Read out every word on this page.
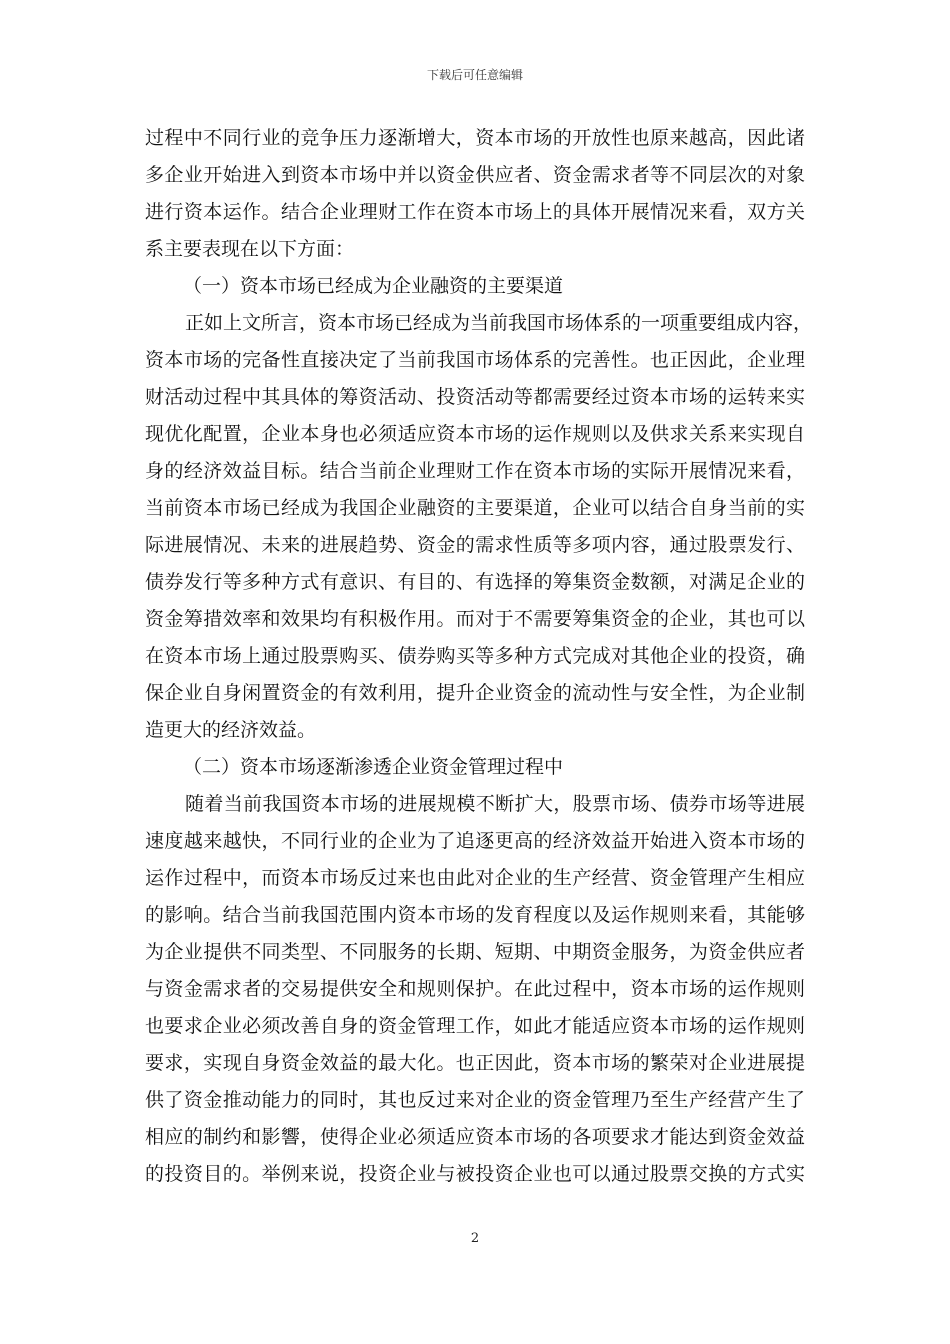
下载后可任意编辑
过程中不同行业的竞争压力逐渐增大，资本市场的开放性也原来越高，因此诸
多企业开始进入到资本市场中并以资金供应者、资金需求者等不同层次的对象
进行资本运作。结合企业理财工作在资本市场上的具体开展情况来看，双方关
系主要表现在以下方面：
（一）资本市场已经成为企业融资的主要渠道
正如上文所言，资本市场已经成为当前我国市场体系的一项重要组成内容，
资本市场的完备性直接决定了当前我国市场体系的完善性。也正因此，企业理
财活动过程中其具体的筹资活动、投资活动等都需要经过资本市场的运转来实
现优化配置，企业本身也必须适应资本市场的运作规则以及供求关系来实现自
身的经济效益目标。结合当前企业理财工作在资本市场的实际开展情况来看，
当前资本市场已经成为我国企业融资的主要渠道，企业可以结合自身当前的实
际进展情况、未来的进展趋势、资金的需求性质等多项内容，通过股票发行、
债券发行等多种方式有意识、有目的、有选择的筹集资金数额，对满足企业的
资金筹措效率和效果均有积极作用。而对于不需要筹集资金的企业，其也可以
在资本市场上通过股票购买、债券购买等多种方式完成对其他企业的投资，确
保企业自身闲置资金的有效利用，提升企业资金的流动性与安全性，为企业制
造更大的经济效益。
（二）资本市场逐渐渗透企业资金管理过程中
随着当前我国资本市场的进展规模不断扩大，股票市场、债券市场等进展
速度越来越快，不同行业的企业为了追逐更高的经济效益开始进入资本市场的
运作过程中，而资本市场反过来也由此对企业的生产经营、资金管理产生相应
的影响。结合当前我国范围内资本市场的发育程度以及运作规则来看，其能够
为企业提供不同类型、不同服务的长期、短期、中期资金服务，为资金供应者
与资金需求者的交易提供安全和规则保护。在此过程中，资本市场的运作规则
也要求企业必须改善自身的资金管理工作，如此才能适应资本市场的运作规则
要求，实现自身资金效益的最大化。也正因此，资本市场的繁荣对企业进展提
供了资金推动能力的同时，其也反过来对企业的资金管理乃至生产经营产生了
相应的制约和影響，使得企业必须适应资本市场的各项要求才能达到资金效益
的投资目的。举例来说，投资企业与被投资企业也可以通过股票交换的方式实
2
